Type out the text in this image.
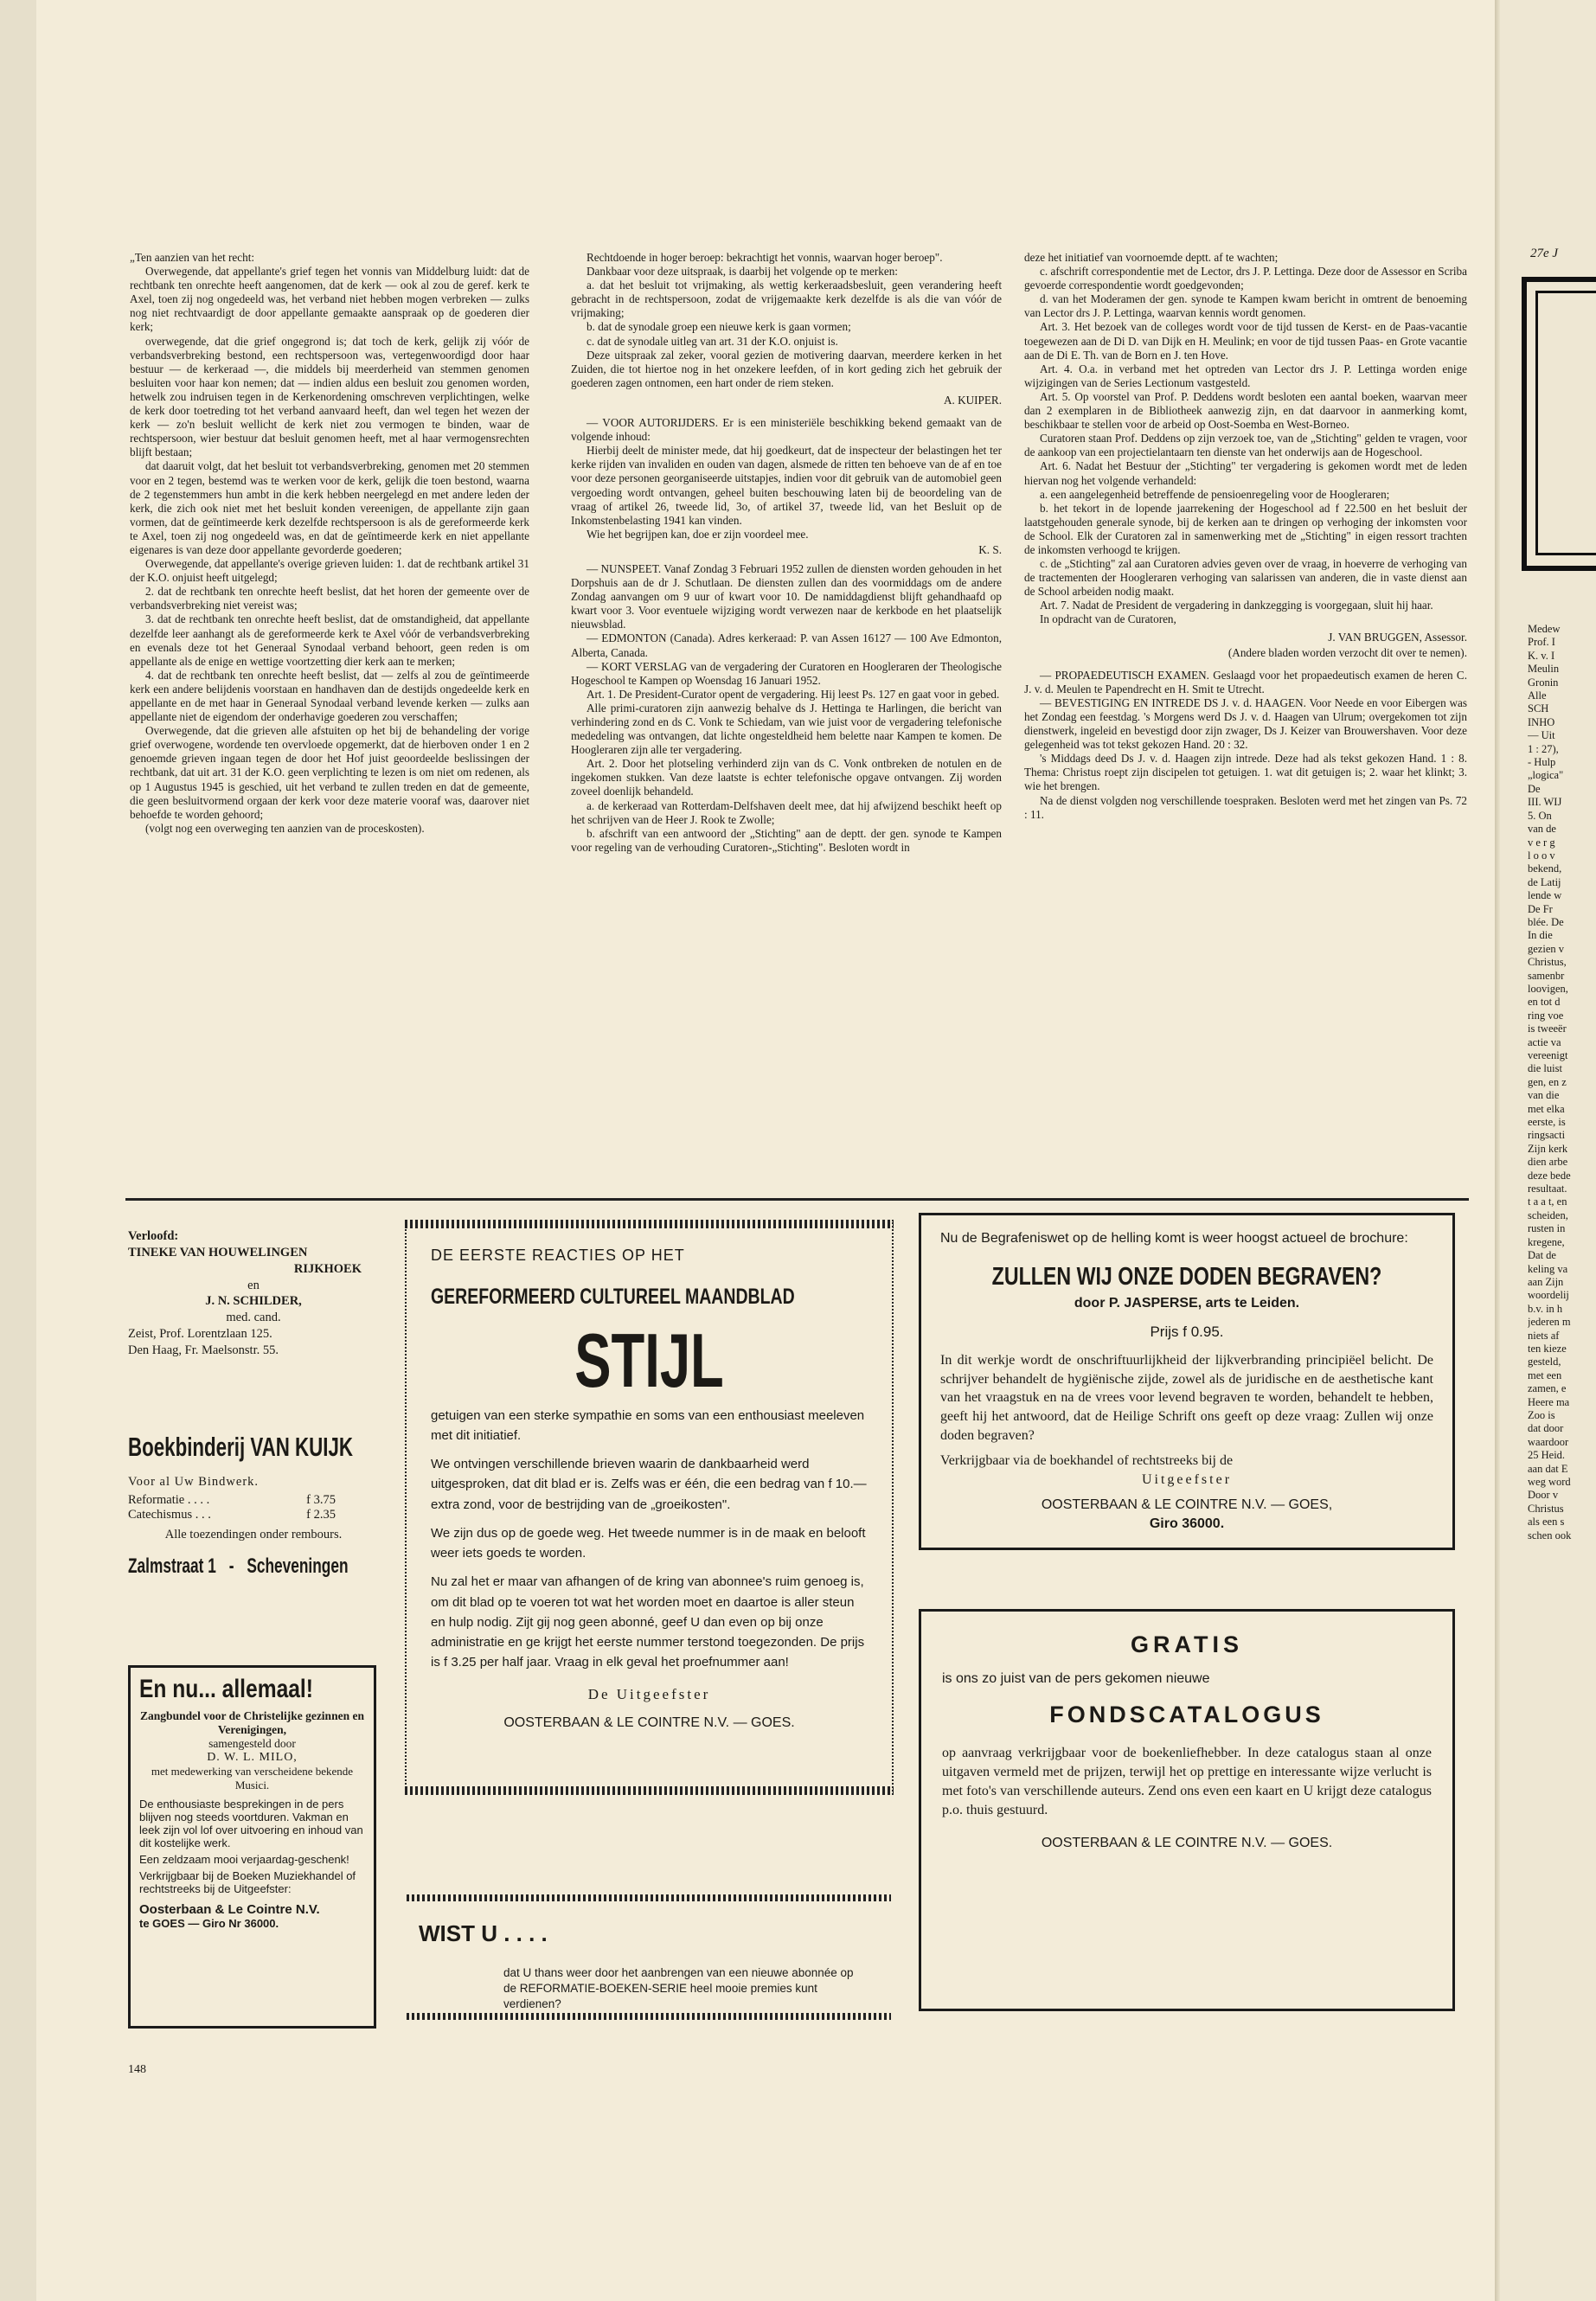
27e J
Medew
Prof. I
K. v. I
Meulin
Gronin
Alle
SCH
INHO
— Uit
1 : 27),
- Hulp
„logica"
De
III. WIJ
5. On
van de
v e r g
l o o v
bekend,
de Latij
lende w
De Fr
blée. De
In die
gezien v
Christus,
samenbr
loovigen,
en tot d
ring voe
is tweeër
actie va
vereenigt
die luist
gen, en z
van die
met elka
eerste, is
ringsacti
Zijn kerk
dien arbe
deze bede
resultaat.
t a a t, en
scheiden,
rusten in
kregene,
Dat de
keling va
aan Zijn
woordelij
b.v. in h
jederen m
niets af
ten kieze
gesteld,
met een
zamen, e
Heere ma
Zoo is
dat door
waardoor
25 Heid.
aan dat E
weg word
Door v
Christus
als een s
schen ook

„Ten aanzien van het recht:

Overwegende, dat appellante's grief tegen het vonnis van Middelburg luidt: dat de rechtbank ten onrechte heeft aangenomen, dat de kerk — ook al zou de geref. kerk te Axel, toen zij nog ongedeeld was, het verband niet hebben mogen verbreken — zulks nog niet rechtvaardigt de door appellante gemaakte aanspraak op de goederen dier kerk;

overwegende, dat die grief ongegrond is; dat toch de kerk, gelijk zij vóór de verbandsverbreking bestond, een rechtspersoon was, vertegenwoordigd door haar bestuur — de kerkeraad —, die middels bij meerderheid van stemmen genomen besluiten voor haar kon nemen; dat — indien aldus een besluit zou genomen worden, hetwelk zou indruisen tegen in de Kerkenordening omschreven verplichtingen, welke de kerk door toetreding tot het verband aanvaard heeft, dan wel tegen het wezen der kerk — zo'n besluit wellicht de kerk niet zou vermogen te binden, waar de rechtspersoon, wier bestuur dat besluit genomen heeft, met al haar vermogensrechten blijft bestaan;

dat daaruit volgt, dat het besluit tot verbandsverbreking, genomen met 20 stemmen voor en 2 tegen, bestemd was te werken voor de kerk, gelijk die toen bestond, waarna de 2 tegenstemmers hun ambt in die kerk hebben neergelegd en met andere leden der kerk, die zich ook niet met het besluit konden vereenigen, de appellante zijn gaan vormen, dat de geïntimeerde kerk dezelfde rechtspersoon is als de gereformeerde kerk te Axel, toen zij nog ongedeeld was, en dat de geïntimeerde kerk en niet appellante eigenares is van deze door appellante gevorderde goederen;

Overwegende, dat appellante's overige grieven luiden: 1. dat de rechtbank artikel 31 der K.O. onjuist heeft uitgelegd;

2. dat de rechtbank ten onrechte heeft beslist, dat het horen der gemeente over de verbandsverbreking niet vereist was;

3. dat de rechtbank ten onrechte heeft beslist, dat de omstandigheid, dat appellante dezelfde leer aanhangt als de gereformeerde kerk te Axel vóór de verbandsverbreking en evenals deze tot het Generaal Synodaal verband behoort, geen reden is om appellante als de enige en wettige voortzetting dier kerk aan te merken;

4. dat de rechtbank ten onrechte heeft beslist, dat — zelfs al zou de geïntimeerde kerk een andere belijdenis voorstaan en handhaven dan de destijds ongedeelde kerk en appellante en de met haar in Generaal Synodaal verband levende kerken — zulks aan appellante niet de eigendom der onderhavige goederen zou verschaffen;

Overwegende, dat die grieven alle afstuiten op het bij de behandeling der vorige grief overwogene, wordende ten overvloede opgemerkt, dat de hierboven onder 1 en 2 genoemde grieven ingaan tegen de door het Hof juist geoordeelde beslissingen der rechtbank, dat uit art. 31 der K.O. geen verplichting te lezen is om niet om redenen, als op 1 Augustus 1945 is geschied, uit het verband te zullen treden en dat de gemeente, die geen besluitvormend orgaan der kerk voor deze materie vooraf was, daarover niet behoefde te worden gehoord;

(volgt nog een overweging ten aanzien van de proceskosten).

Rechtdoende in hoger beroep: bekrachtigt het vonnis, waarvan hoger beroep".

Dankbaar voor deze uitspraak, is daarbij het volgende op te merken:

a. dat het besluit tot vrijmaking, als wettig kerkeraadsbesluit, geen verandering heeft gebracht in de rechtspersoon, zodat de vrijgemaakte kerk dezelfde is als die van vóór de vrijmaking;

b. dat de synodale groep een nieuwe kerk is gaan vormen;

c. dat de synodale uitleg van art. 31 der K.O. onjuist is.

Deze uitspraak zal zeker, vooral gezien de motivering daarvan, meerdere kerken in het Zuiden, die tot hiertoe nog in het onzekere leefden, of in kort geding zich het gebruik der goederen zagen ontnomen, een hart onder de riem steken.

A. KUIPER.

— VOOR AUTORIJDERS. Er is een ministeriële beschikking bekend gemaakt van de volgende inhoud:

Hierbij deelt de minister mede, dat hij goedkeurt, dat de inspecteur der belastingen het ter kerke rijden van invaliden en ouden van dagen, alsmede de ritten ten behoeve van de af en toe voor deze personen georganiseerde uitstapjes, indien voor dit gebruik van de automobiel geen vergoeding wordt ontvangen, geheel buiten beschouwing laten bij de beoordeling van de vraag of artikel 26, tweede lid, 3o, of artikel 37, tweede lid, van het Besluit op de Inkomstenbelasting 1941 kan vinden.

Wie het begrijpen kan, doe er zijn voordeel mee.

K. S.

— NUNSPEET. Vanaf Zondag 3 Februari 1952 zullen de diensten worden gehouden in het Dorpshuis aan de dr J. Schutlaan. De diensten zullen dan des voormiddags om de andere Zondag aanvangen om 9 uur of kwart voor 10. De namiddagdienst blijft gehandhaafd op kwart voor 3. Voor eventuele wijziging wordt verwezen naar de kerkbode en het plaatselijk nieuwsblad.

— EDMONTON (Canada). Adres kerkeraad: P. van Assen 16127 — 100 Ave Edmonton, Alberta, Canada.

— KORT VERSLAG van de vergadering der Curatoren en Hoogleraren der Theologische Hogeschool te Kampen op Woensdag 16 Januari 1952.

Art. 1. De President-Curator opent de vergadering. Hij leest Ps. 127 en gaat voor in gebed.

Alle primi-curatoren zijn aanwezig behalve ds J. Hettinga te Harlingen, die bericht van verhindering zond en ds C. Vonk te Schiedam, van wie juist voor de vergadering telefonische mededeling was ontvangen, dat lichte ongesteldheid hem belette naar Kampen te komen. De Hoogleraren zijn alle ter vergadering.

Art. 2. Door het plotseling verhinderd zijn van ds C. Vonk ontbreken de notulen en de ingekomen stukken. Van deze laatste is echter telefonische opgave ontvangen. Zij worden zoveel doenlijk behandeld.

a. de kerkeraad van Rotterdam-Delfshaven deelt mee, dat hij afwijzend beschikt heeft op het schrijven van de Heer J. Rook te Zwolle;

b. afschrift van een antwoord der „Stichting" aan de deptt. der gen. synode te Kampen voor regeling van de verhouding Curatoren-„Stichting". Besloten wordt in

deze het initiatief van voornoemde deptt. af te wachten;

c. afschrift correspondentie met de Lector, drs J. P. Lettinga. Deze door de Assessor en Scriba gevoerde correspondentie wordt goedgevonden;

d. van het Moderamen der gen. synode te Kampen kwam bericht in omtrent de benoeming van Lector drs J. P. Lettinga, waarvan kennis wordt genomen.

Art. 3. Het bezoek van de colleges wordt voor de tijd tussen de Kerst- en de Paas-vacantie toegewezen aan de Di D. van Dijk en H. Meulink; en voor de tijd tussen Paas- en Grote vacantie aan de Di E. Th. van de Born en J. ten Hove.

Art. 4. O.a. in verband met het optreden van Lector drs J. P. Lettinga worden enige wijzigingen van de Series Lectionum vastgesteld.

Art. 5. Op voorstel van Prof. P. Deddens wordt besloten een aantal boeken, waarvan meer dan 2 exemplaren in de Bibliotheek aanwezig zijn, en dat daarvoor in aanmerking komt, beschikbaar te stellen voor de arbeid op Oost-Soemba en West-Borneo.

Curatoren staan Prof. Deddens op zijn verzoek toe, van de „Stichting" gelden te vragen, voor de aankoop van een projectielantaarn ten dienste van het onderwijs aan de Hogeschool.

Art. 6. Nadat het Bestuur der „Stichting" ter vergadering is gekomen wordt met de leden hiervan nog het volgende verhandeld:

a. een aangelegenheid betreffende de pensioenregeling voor de Hoogleraren;

b. het tekort in de lopende jaarrekening der Hogeschool ad f 22.500 en het besluit der laatstgehouden generale synode, bij de kerken aan te dringen op verhoging der inkomsten voor de School. Elk der Curatoren zal in samenwerking met de „Stichting" in eigen ressort trachten de inkomsten verhoogd te krijgen.

c. de „Stichting" zal aan Curatoren advies geven over de vraag, in hoeverre de verhoging van de tractementen der Hoogleraren verhoging van salarissen van anderen, die in vaste dienst aan de School arbeiden nodig maakt.

Art. 7. Nadat de President de vergadering in dankzegging is voorgegaan, sluit hij haar.

In opdracht van de Curatoren,

J. VAN BRUGGEN, Assessor.

(Andere bladen worden verzocht dit over te nemen).

— PROPAEDEUTISCH EXAMEN. Geslaagd voor het propaedeutisch examen de heren C. J. v. d. Meulen te Papendrecht en H. Smit te Utrecht.

— BEVESTIGING EN INTREDE DS J. v. d. HAAGEN. Voor Neede en voor Eibergen was het Zondag een feestdag. 's Morgens werd Ds J. v. d. Haagen van Ulrum; overgekomen tot zijn dienstwerk, ingeleid en bevestigd door zijn zwager, Ds J. Keizer van Brouwershaven. Voor deze gelegenheid was tot tekst gekozen Hand. 20 : 32.

's Middags deed Ds J. v. d. Haagen zijn intrede. Deze had als tekst gekozen Hand. 1 : 8. Thema: Christus roept zijn discipelen tot getuigen. 1. wat dit getuigen is; 2. waar het klinkt; 3. wie het brengen.

Na de dienst volgden nog verschillende toespraken. Besloten werd met het zingen van Ps. 72 : 11.

Verloofd:
TINEKE VAN HOUWELINGEN
RIJKHOEK
en
J. N. SCHILDER,
med. cand.
Zeist, Prof. Lorentzlaan 125.
Den Haag, Fr. Maelsonstr. 55.
Boekbinderij VAN KUIJK
Voor al Uw Bindwerk.
Reformatie . . . .	f 3.75
Catechismus . . .	f 2.35
Alle toezendingen onder rembours.
Zalmstraat 1 - Scheveningen
En nu... allemaal!
Zangbundel voor de Christelijke gezinnen en Verenigingen,
samengesteld door
D. W. L. MILO,
met medewerking van verscheidene bekende Musici.
De enthousiaste besprekingen in de pers blijven nog steeds voortduren. Vakman en leek zijn vol lof over uitvoering en inhoud van dit kostelijke werk.
Een zeldzaam mooi verjaardag-geschenk!
Verkrijgbaar bij de Boeken Muziekhandel of rechtstreeks bij de Uitgeefster:
Oosterbaan & Le Cointre N.V.
te GOES — Giro Nr 36000.
DE EERSTE REACTIES OP HET
GEREFORMEERD CULTUREEL MAANDBLAD
STIJL
getuigen van een sterke sympathie en soms van een enthousiast meeleven met dit initiatief.
We ontvingen verschillende brieven waarin de dankbaarheid werd uitgesproken, dat dit blad er is. Zelfs was er één, die een bedrag van f 10.— extra zond, voor de bestrijding van de „groeikosten".
We zijn dus op de goede weg. Het tweede nummer is in de maak en belooft weer iets goeds te worden.
Nu zal het er maar van afhangen of de kring van abonnee's ruim genoeg is, om dit blad op te voeren tot wat het worden moet en daartoe is aller steun en hulp nodig. Zijt gij nog geen abonné, geef U dan even op bij onze administratie en ge krijgt het eerste nummer terstond toegezonden. De prijs is f 3.25 per half jaar. Vraag in elk geval het proefnummer aan!
De Uitgeefster
OOSTERBAAN & LE COINTRE N.V. — GOES.
WIST U . . . .
dat U thans weer door het aanbrengen van een nieuwe abonnée op de REFORMATIE-BOEKEN-SERIE heel mooie premies kunt verdienen?
Nu de Begrafeniswet op de helling komt is weer hoogst actueel de brochure:
ZULLEN WIJ ONZE DODEN BEGRAVEN?
door P. JASPERSE, arts te Leiden.
Prijs f 0.95.
In dit werkje wordt de onschriftuurlijkheid der lijkverbranding principiëel belicht. De schrijver behandelt de hygiënische zijde, zowel als de juridische en de aesthetische kant van het vraagstuk en na de vrees voor levend begraven te worden, behandelt te hebben, geeft hij het antwoord, dat de Heilige Schrift ons geeft op deze vraag: Zullen wij onze doden begraven?
Verkrijgbaar via de boekhandel of rechtstreeks bij de
Uitgeefster
OOSTERBAAN & LE COINTRE N.V. — GOES,
Giro 36000.
GRATIS
is ons zo juist van de pers gekomen nieuwe
FONDSCATALOGUS
op aanvraag verkrijgbaar voor de boekenliefhebber. In deze catalogus staan al onze uitgaven vermeld met de prijzen, terwijl het op prettige en interessante wijze verlucht is met foto's van verschillende auteurs. Zend ons even een kaart en U krijgt deze catalogus p.o. thuis gestuurd.
OOSTERBAAN & LE COINTRE N.V. — GOES.
148
